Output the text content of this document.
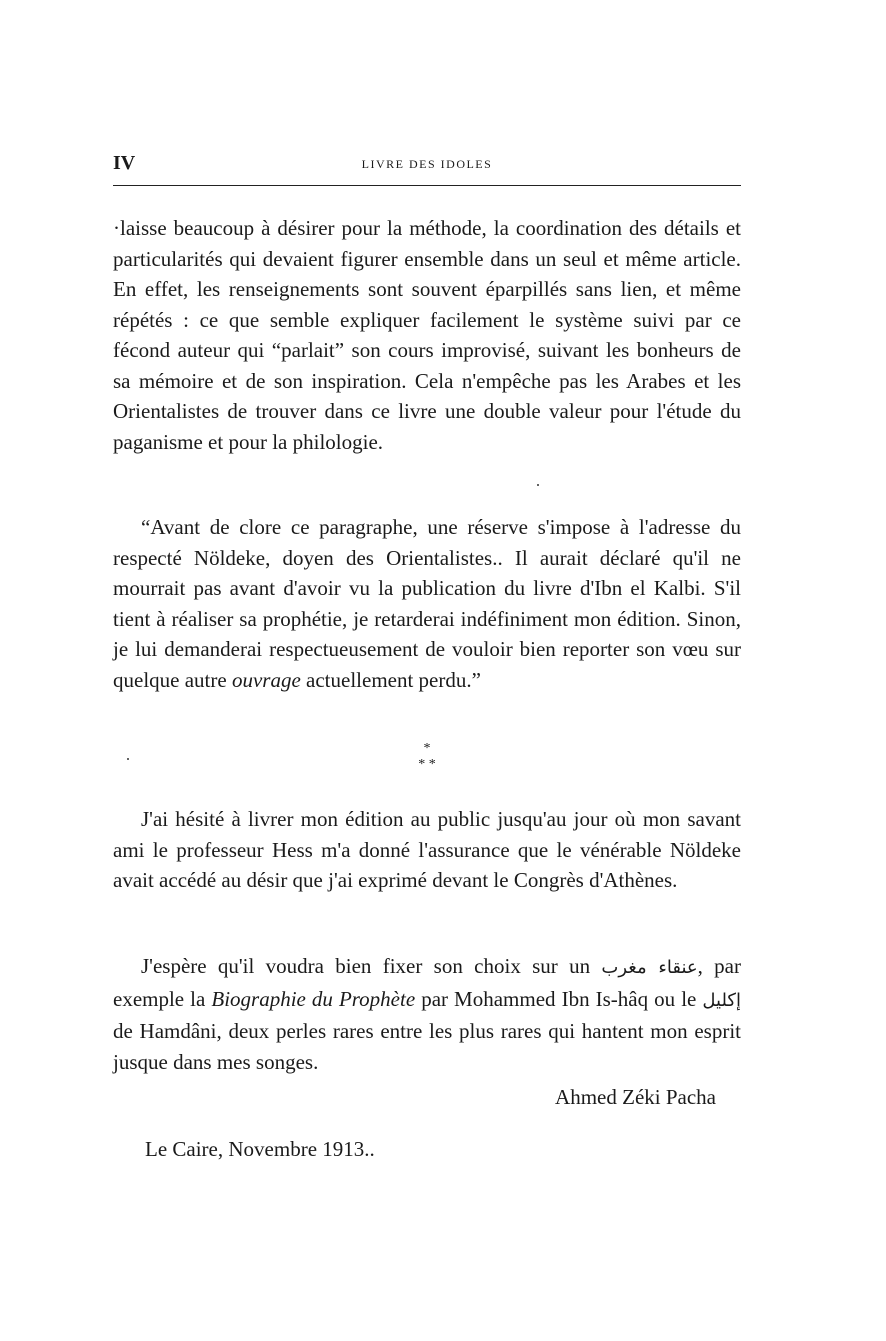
IV	LIVRE DES IDOLES

·laisse beaucoup à désirer pour la méthode, la coordination des détails et particularités qui devaient figurer ensemble dans un seul et même article. En effet, les renseignements sont souvent éparpillés sans lien, et même répétés : ce que semble expliquer facilement le système suivi par ce fécond auteur qui “parlait” son cours improvisé, suivant les bonheurs de sa mémoire et de son inspiration. Cela n'empêche pas les Arabes et les Orientalistes de trouver dans ce livre une double valeur pour l'étude du paganisme et pour la philologie.

“Avant de clore ce paragraphe, une réserve s'impose à l'adresse du respecté Nöldeke, doyen des Orientalistes.. Il aurait déclaré qu'il ne mourrait pas avant d'avoir vu la publication du livre d'Ibn el Kalbi. S'il tient à réaliser sa prophétie, je retarderai indéfiniment mon édition. Sinon, je lui demanderai respectueusement de vouloir bien reporter son vœu sur quelque autre ouvrage actuellement perdu.”

*
* *

J'ai hésité à livrer mon édition au public jusqu'au jour où mon savant ami le professeur Hess m'a donné l'assurance que le vénérable Nöldeke avait accédé au désir que j'ai exprimé devant le Congrès d'Athènes.

J'espère qu'il voudra bien fixer son choix sur un عنقاء مغرب, par exemple la Biographie du Prophète par Mohammed Ibn Is-hâq ou le إكليل de Hamdâni, deux perles rares entre les plus rares qui hantent mon esprit jusque dans mes songes.

Ahmed Zéki Pacha
Le Caire, Novembre 1913..
